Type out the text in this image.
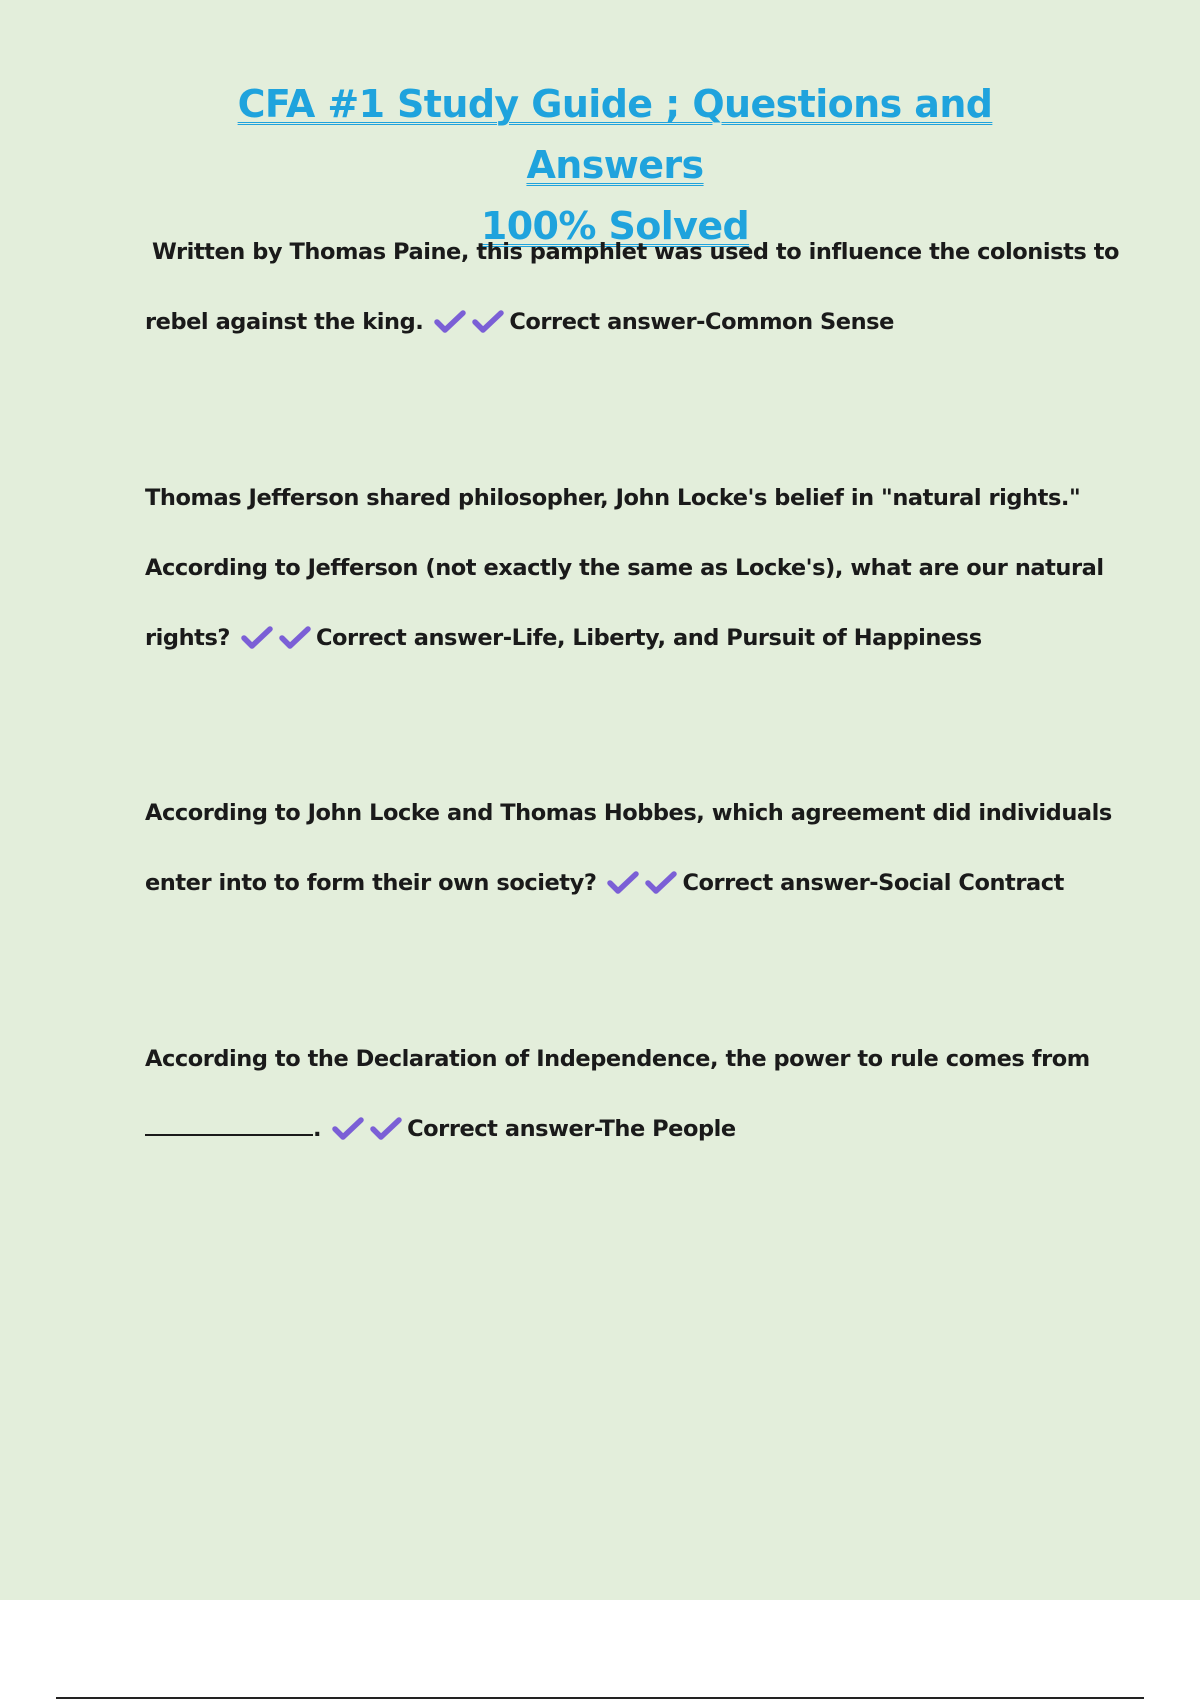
CFA #1 Study Guide ; Questions and Answers
100% Solved
Written by Thomas Paine, this pamphlet was used to influence the colonists to
rebel against the king.	Correct answer-Common Sense
Thomas Jefferson shared philosopher, John Locke's belief in "natural rights."
According to Jefferson (not exactly the same as Locke's), what are our natural
rights?	Correct answer-Life, Liberty, and Pursuit of Happiness
According to John Locke and Thomas Hobbes, which agreement did individuals
enter into to form their own society?	Correct answer-Social Contract
According to the Declaration of Independence, the power to rule comes from
.	Correct answer-The People
